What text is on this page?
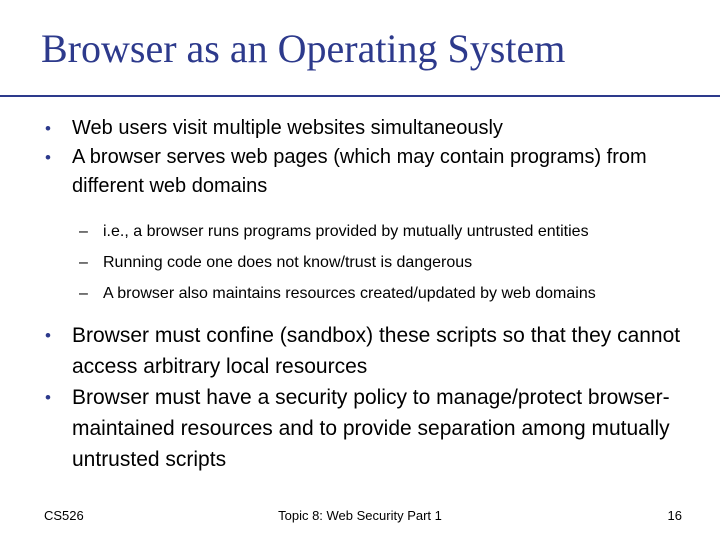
Browser as an Operating System

• Web users visit multiple websites simultaneously

• A browser serves web pages (which may contain programs) from different web domains

– i.e., a browser runs programs provided by mutually untrusted entities

– Running code one does not know/trust is dangerous

– A browser also maintains resources created/updated by web domains

• Browser must confine (sandbox) these scripts so that they cannot access arbitrary local resources

• Browser must have a security policy to manage/protect browser-maintained resources and to provide separation among mutually untrusted scripts

CS526	Topic 8: Web Security Part 1	16
